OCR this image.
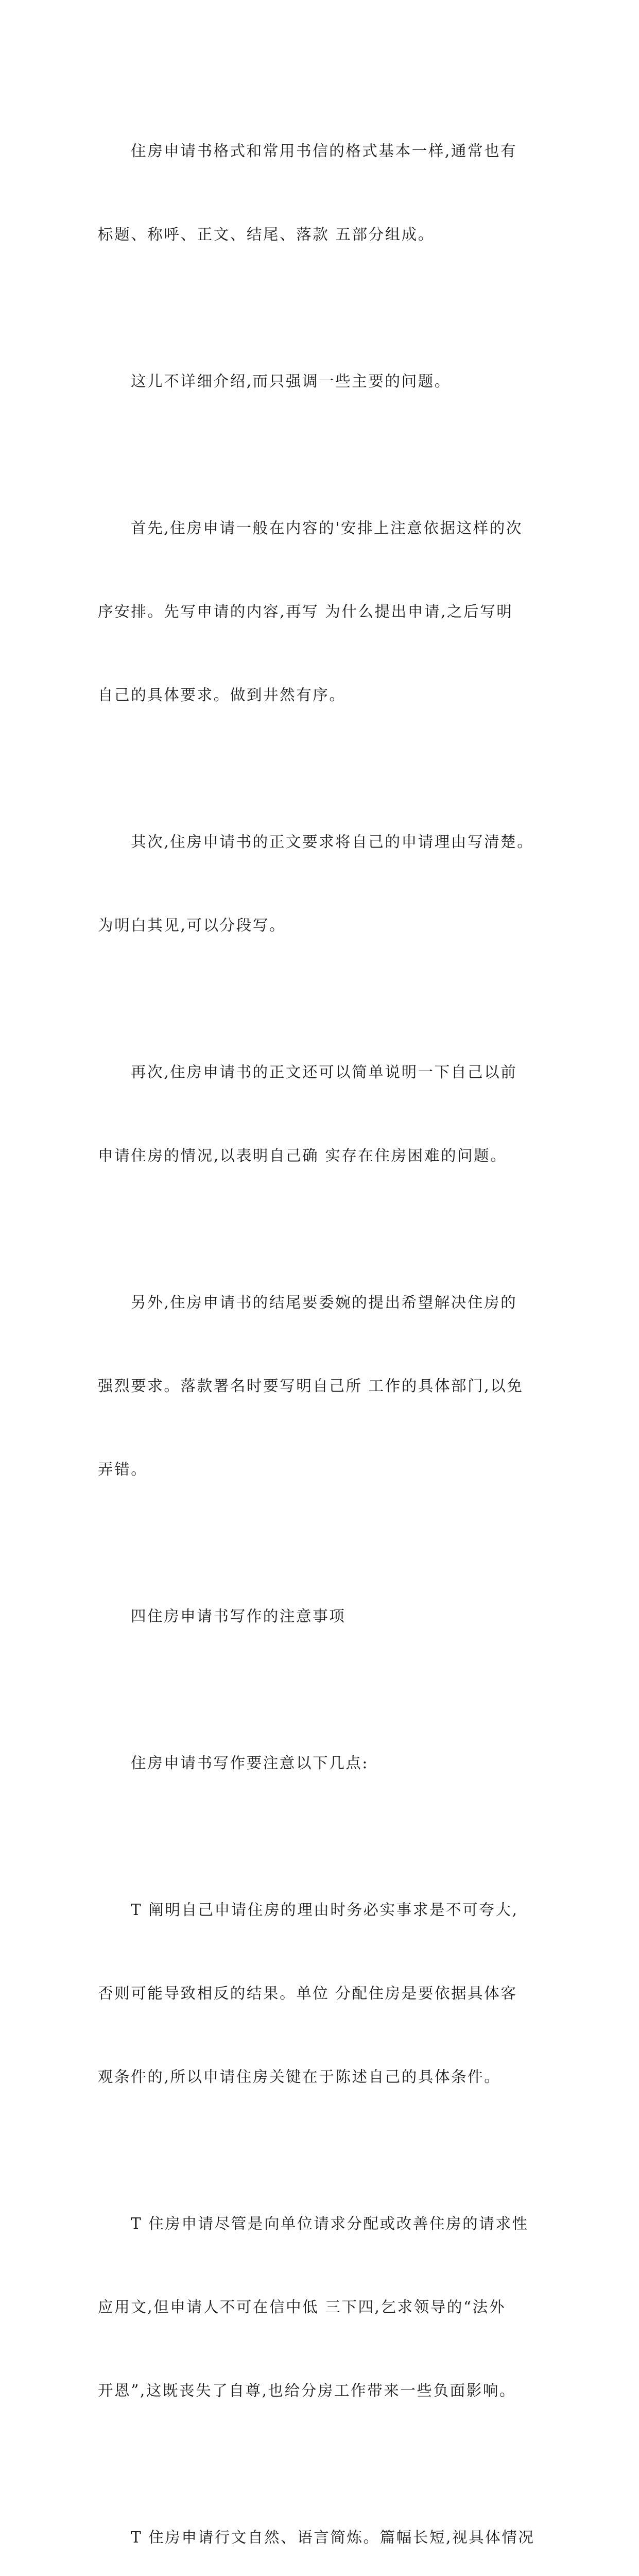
住房申请书格式和常用书信的格式基本一样,通常也有

标题、称呼、正文、结尾、落款 五部分组成。

这儿不详细介绍,而只强调一些主要的问题。

首先,住房申请一般在内容的'安排上注意依据这样的次

序安排。先写申请的内容,再写 为什么提出申请,之后写明

自己的具体要求。做到井然有序。

其次,住房申请书的正文要求将自己的申请理由写清楚。

为明白其见,可以分段写。

再次,住房申请书的正文还可以简单说明一下自己以前

申请住房的情况,以表明自己确 实存在住房困难的问题。

另外,住房申请书的结尾要委婉的提出希望解决住房的

强烈要求。落款署名时要写明自己所 工作的具体部门,以免

弄错。

四住房申请书写作的注意事项

住房申请书写作要注意以下几点:

T 阐明自己申请住房的理由时务必实事求是不可夸大,

否则可能导致相反的结果。单位 分配住房是要依据具体客

观条件的,所以申请住房关键在于陈述自己的具体条件。

T 住房申请尽管是向单位请求分配或改善住房的请求性

应用文,但申请人不可在信中低 三下四,乞求领导的“法外

开恩”,这既丧失了自尊,也给分房工作带来一些负面影响。

T 住房申请行文自然、语言简炼。篇幅长短,视具体情况
